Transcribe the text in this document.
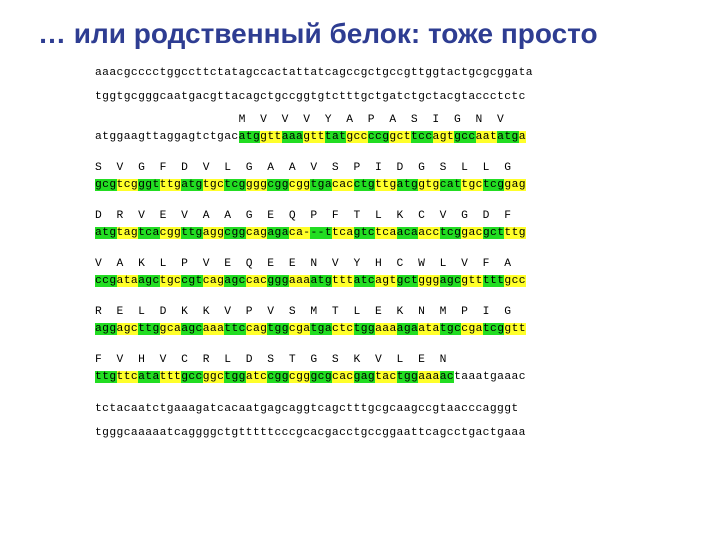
… или родственный белок: тоже просто
aaacgcccctggccttctatagccactattatcagccgctgccgttggtactgcgcggata
tggtgcgggcaatgacgttacagctgccggtgtctttgctgatctgctacgtaccctctc
M  V  V  V  Y  A  P  A  S  I  G  N  V
atggaagttaggagtctgacatggttaaagtttatgccccggcttccagtgccaatatga
S  V  G  F  D  V  L  G  A  A  V  S  P  I  D  G  S  L  L  G
gcgtcgggtttgatgtgctcggggcggcggtgacacctgttgatggtgcattgctcggag
D  R  V  E  V  A  A  G  E  Q  P  F  T  L  K  C  V  G  D  F
atgtagtcacggttgaggcggcagagaca---ttcagtctcaacaacctcggacgctttg
V  A  K  L  P  V  E  Q  E  E  N  V  Y  H  C  W  L  V  F  A
ccgataagctgccgtcagagccacgggaaaatgtttatcagtgctgggagcgtttttgcc
R  E  L  D  K  K  V  P  V  S  M  T  L  E  K  N  M  P  I  G
aggagcttggcaagcaaattccagtggcgatgactctggaaaagaatatgccgatcggtt
F  V  H  V  C  R  L  D  S  T  G  S  K  V  L  E  N
ttgttcatatttgccggctggatccggcgggcgcacgagtactggaaaactaaatgaaac
tctacaatctgaaagatcacaatgagcaggtcagctttgcgcaagccgtaacccagggt
tgggcaaaaatcaggggctgtttttcccgcacgacctgccggaattcagcctgactgaaa
